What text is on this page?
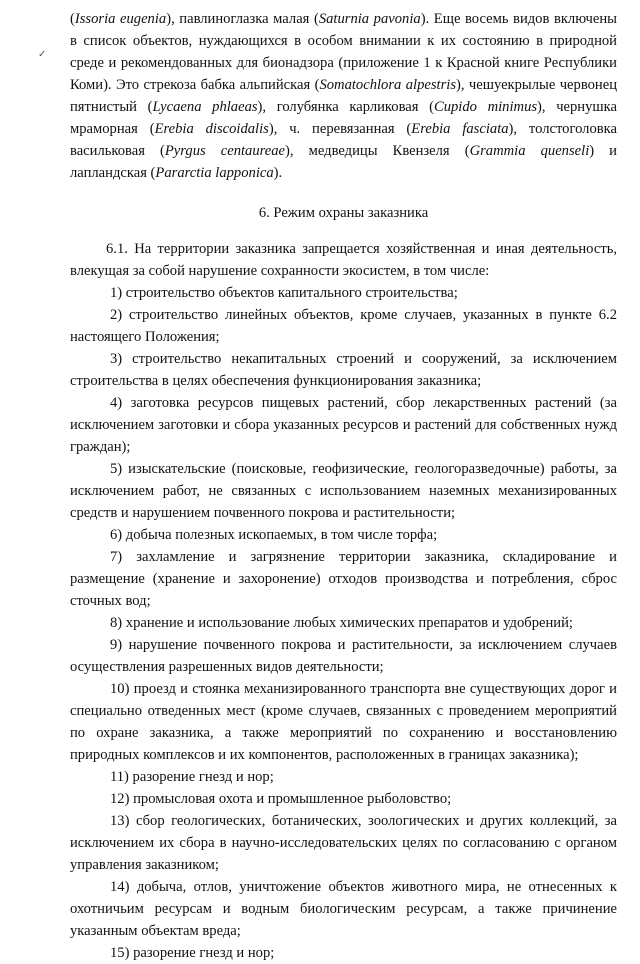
✓
(Issoria eugenia), павлиноглазка малая (Saturnia pavonia). Еще восемь видов включены в список объектов, нуждающихся в особом внимании к их состоянию в природной среде и рекомендованных для бионадзора (приложение 1 к Красной книге Республики Коми). Это стрекоза бабка альпийская (Somatochlora alpestris), чешуекрылые червонец пятнистый (Lycaena phlaeas), голубянка карликовая (Cupido minimus), чернушка мраморная (Erebia discoidalis), ч. перевязанная (Erebia fasciata), толстоголовка васильковая (Pyrgus centaureae), медведицы Квензеля (Grammia quenseli) и лапландская (Pararctia lapponica).
6. Режим охраны заказника

6.1. На территории заказника запрещается хозяйственная и иная деятельность, влекущая за собой нарушение сохранности экосистем, в том числе:

1) строительство объектов капитального строительства;

2) строительство линейных объектов, кроме случаев, указанных в пункте 6.2 настоящего Положения;

3) строительство некапитальных строений и сооружений, за исключением строительства в целях обеспечения функционирования заказника;

4) заготовка ресурсов пищевых растений, сбор лекарственных растений (за исключением заготовки и сбора указанных ресурсов и растений для собственных нужд граждан);

5) изыскательские (поисковые, геофизические, геологоразведочные) работы, за исключением работ, не связанных с использованием наземных механизированных средств и нарушением почвенного покрова и растительности;

6) добыча полезных ископаемых, в том числе торфа;

7) захламление и загрязнение территории заказника, складирование и размещение (хранение и захоронение) отходов производства и потребления, сброс сточных вод;

8) хранение и использование любых химических препаратов и удобрений;

9) нарушение почвенного покрова и растительности, за исключением случаев осуществления разрешенных видов деятельности;

10) проезд и стоянка механизированного транспорта вне существующих дорог и специально отведенных мест (кроме случаев, связанных с проведением мероприятий по охране заказника, а также мероприятий по сохранению и восстановлению природных комплексов и их компонентов, расположенных в границах заказника);

11) разорение гнезд и нор;

12) промысловая охота и промышленное рыболовство;

13) сбор геологических, ботанических, зоологических и других коллекций, за исключением их сбора в научно-исследовательских целях по согласованию с органом управления заказником;

14) добыча, отлов, уничтожение объектов животного мира, не отнесенных к охотничьим ресурсам и водным биологическим ресурсам, а также причинение указанным объектам вреда;

15) разорение гнезд и нор;
